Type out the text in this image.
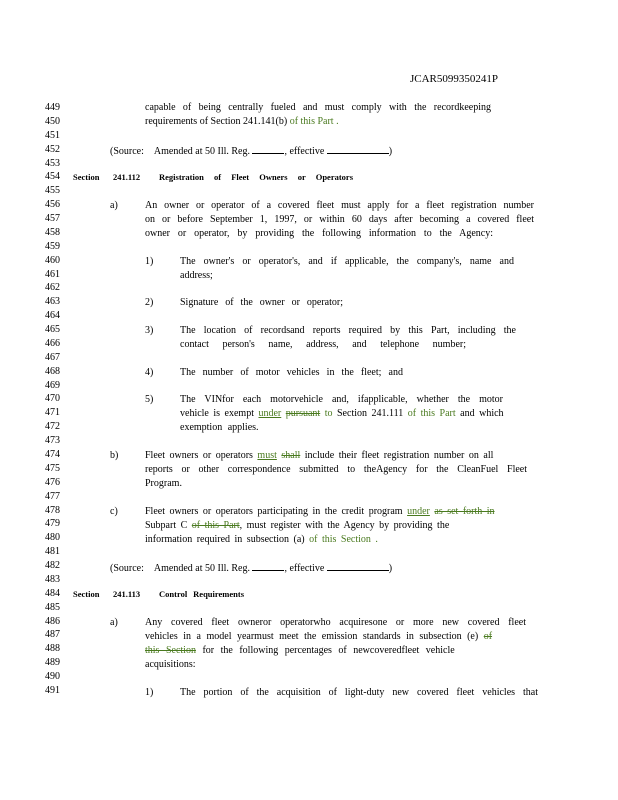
JCAR5099350241P
449
450
451
452
453
454
455
456
457
458
459
460
461
462
463
464
465
466
467
468
469
470
471
472
473
474
475
476
477
478
479
480
481
482
483
484
485
486
487
488
489
490
491
capable of being centrally fueled and must comply with the recordkeeping
requirements of Section 241.141(b) of this Part .
(Source: Amended at 50 Ill. Reg.	, effective	)
Section 241.112 Registration of Fleet Owners or Operators
a)	An owner or operator of a covered fleet must apply for a fleet registration number
on or before September 1, 1997, or within 60 days after becoming a covered fleet
owner or operator, by providing the following information to the Agency:
1)	The owner's or operator's, and if applicable, the company's, name and
address;
2)	Signature of the owner or operator;
3)	The location of recordsand reports required by this Part, including the
contact person's name, address, and telephone number;
4)	The number of motor vehicles in the fleet; and
5)	The VINfor each motorvehicle and, ifapplicable, whether the motor
vehicle is exempt under pursuant to Section 241.111 of this Part and which
exemption applies.
b)	Fleet owners or operators must shall include their fleet registration number on all
reports or other correspondence submitted to theAgency for the CleanFuel Fleet
Program.
c)	Fleet owners or operators participating in the credit program under as set forth in
Subpart C of this Part, must register with the Agency by providing the
information required in subsection (a) of this Section .
(Source: Amended at 50 Ill. Reg.	, effective	)
Section 241.113 Control Requirements
a)	Any covered fleet owneror operatorwho acquiresone or more new covered fleet
vehicles in a model yearmust meet the emission standards in subsection (e) of
this Section for the following percentages of newcoveredfleet vehicle
acquisitions:
1)	The portion of the acquisition of light-duty new covered fleet vehicles that
